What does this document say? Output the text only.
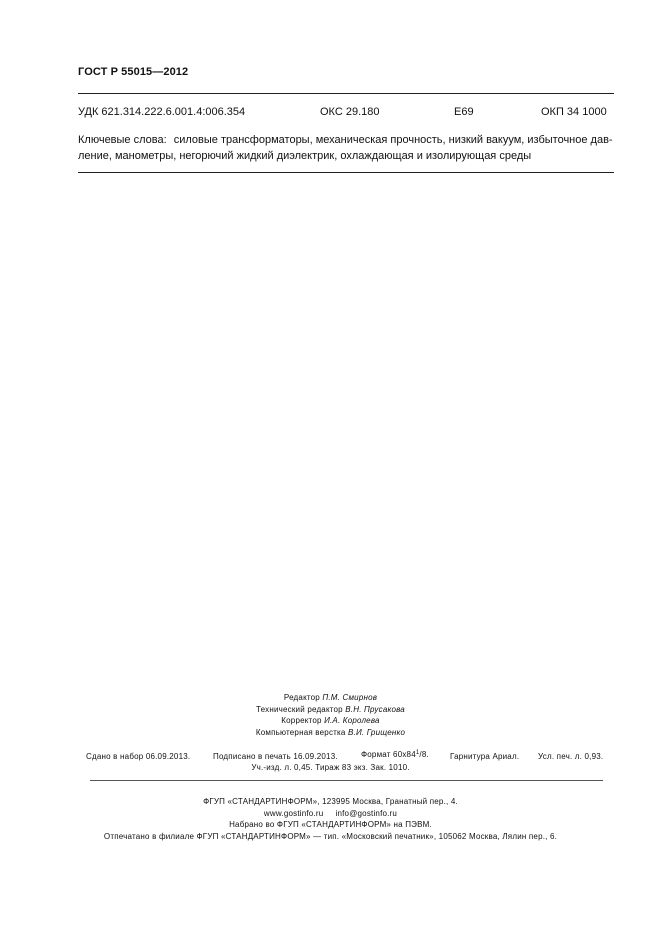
ГОСТ Р 55015—2012
УДК 621.314.222.6.001.4:006.354	ОКС 29.180	Е69	ОКП 34 1000
Ключевые слова: силовые трансформаторы, механическая прочность, низкий вакуум, избыточное дав-
ление, манометры, негорючий жидкий диэлектрик, охлаждающая и изолирующая среды
Редактор П.М. Смирнов
Технический редактор В.Н. Прусакова
Корректор И.А. Королева
Компьютерная верстка В.И. Грищенко
Сдано в набор 06.09.2013.	Подписано в печать 16.09.2013.	Формат $60х84^1/8$.	Гарнитура Ариал. Усл. печ. л. 0,93.
Уч.-изд. л. 0,45. Тираж 83 экз. Зак. 1010.
ФГУП «СТАНДАРТИНФОРМ», 123995 Москва, Гранатный пер., 4.
www.gostinfo.ru info@gostinfo.ru
Набрано во ФГУП «СТАНДАРТИНФОРМ» на ПЭВМ.
Отпечатано в филиале ФГУП «СТАНДАРТИНФОРМ» — тип. «Московский печатник», 105062 Москва, Лялин пер., 6.
